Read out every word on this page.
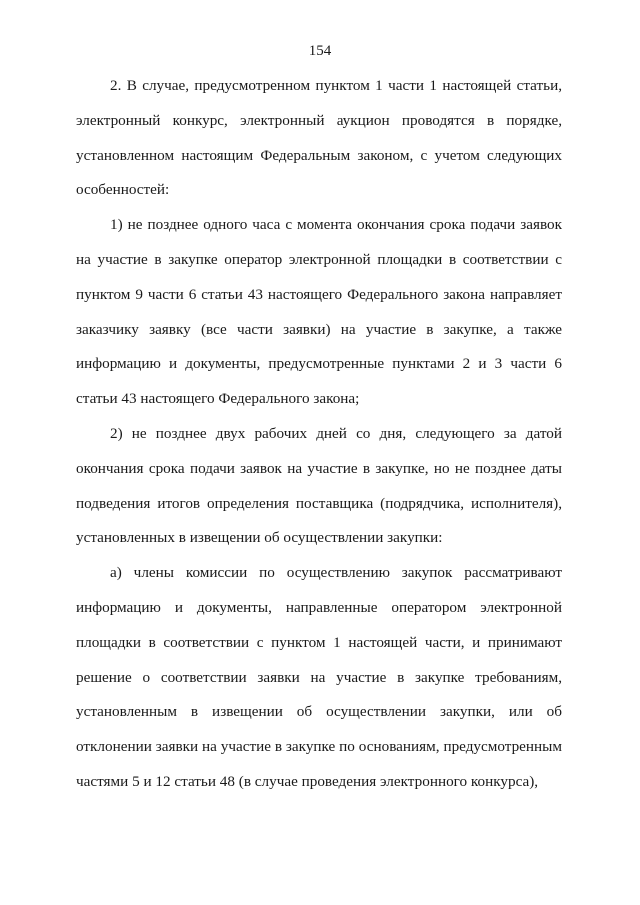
154

2. В случае, предусмотренном пунктом 1 части 1 настоящей статьи, электронный конкурс, электронный аукцион проводятся в порядке, установленном настоящим Федеральным законом, с учетом следующих особенностей:

1) не позднее одного часа с момента окончания срока подачи заявок на участие в закупке оператор электронной площадки в соответствии с пунктом 9 части 6 статьи 43 настоящего Федерального закона направляет заказчику заявку (все части заявки) на участие в закупке, а также информацию и документы, предусмотренные пунктами 2 и 3 части 6 статьи 43 настоящего Федерального закона;

2) не позднее двух рабочих дней со дня, следующего за датой окончания срока подачи заявок на участие в закупке, но не позднее даты подведения итогов определения поставщика (подрядчика, исполнителя), установленных в извещении об осуществлении закупки:

а) члены комиссии по осуществлению закупок рассматривают информацию и документы, направленные оператором электронной площадки в соответствии с пунктом 1 настоящей части, и принимают решение о соответствии заявки на участие в закупке требованиям, установленным в извещении об осуществлении закупки, или об отклонении заявки на участие в закупке по основаниям, предусмотренным частями 5 и 12 статьи 48 (в случае проведения электронного конкурса),
